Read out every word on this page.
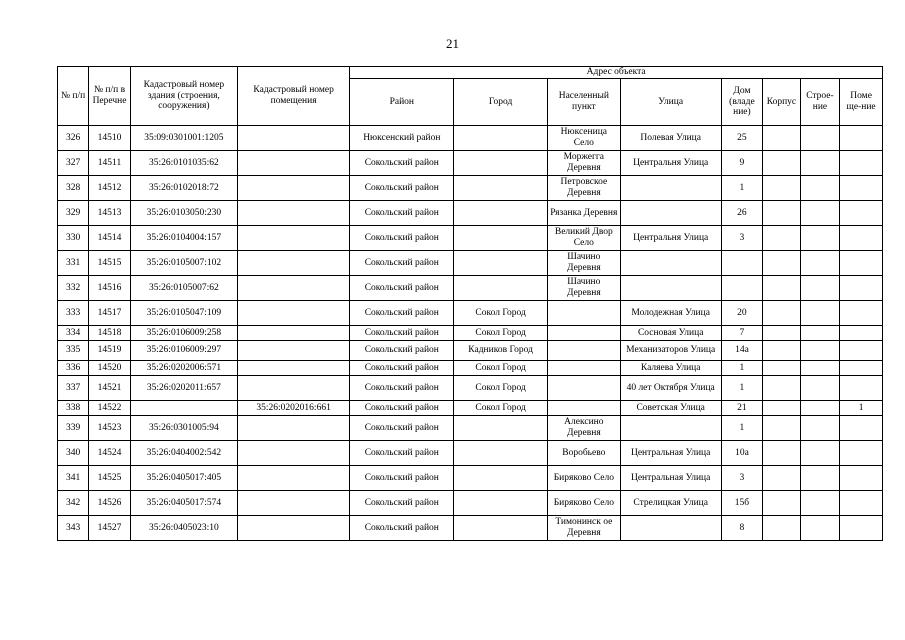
21
№ п/п	№ п/п в Перечне	Кадастровый номер здания (строения, сооружения)	Кадастровый номер помещения	Адрес объекта							
				Район	Город	Населенный пункт	Улица	Дом (владе ние)	Корпус	Строе-ние	Поме ще-ние
326	14510	35:09:0301001:1205		Нюксенский район		Нюксеница Село	Полевая Улица	25			
327	14511	35:26:0101035:62		Сокольский район		Моржегга Деревня	Центральня Улица	9			
328	14512	35:26:0102018:72		Сокольский район		Петровское Деревня		1			
329	14513	35:26:0103050:230		Сокольский район		Рязанка Деревня		26			
330	14514	35:26:0104004:157		Сокольский район		Великий Двор Село	Центральня Улица	3			
331	14515	35:26:0105007:102		Сокольский район		Шачино Деревня					
332	14516	35:26:0105007:62		Сокольский район		Шачино Деревня					
333	14517	35:26:0105047:109		Сокольский район	Сокол Город		Молодежная Улица	20			
334	14518	35:26:0106009:258		Сокольский район	Сокол Город		Сосновая Улица	7			
335	14519	35:26:0106009:297		Сокольский район	Кадников Город		Механизаторов Улица	14а			
336	14520	35:26:0202006:571		Сокольский район	Сокол Город		Каляева Улица	1			
337	14521	35:26:0202011:657		Сокольский район	Сокол Город		40 лет Октября Улица	1			
338	14522		35:26:0202016:661	Сокольский район	Сокол Город		Советская Улица	21			1
339	14523	35:26:0301005:94		Сокольский район		Алексино Деревня		1			
340	14524	35:26:0404002:542		Сокольский район		Воробьево	Центральная Улица	10а			
341	14525	35:26:0405017:405		Сокольский район		Биряково Село	Центральная Улица	3			
342	14526	35:26:0405017:574		Сокольский район		Биряково Село	Стрелицкая Улица	15б			
343	14527	35:26:0405023:10		Сокольский район		Тимонинск ое Деревня		8			
